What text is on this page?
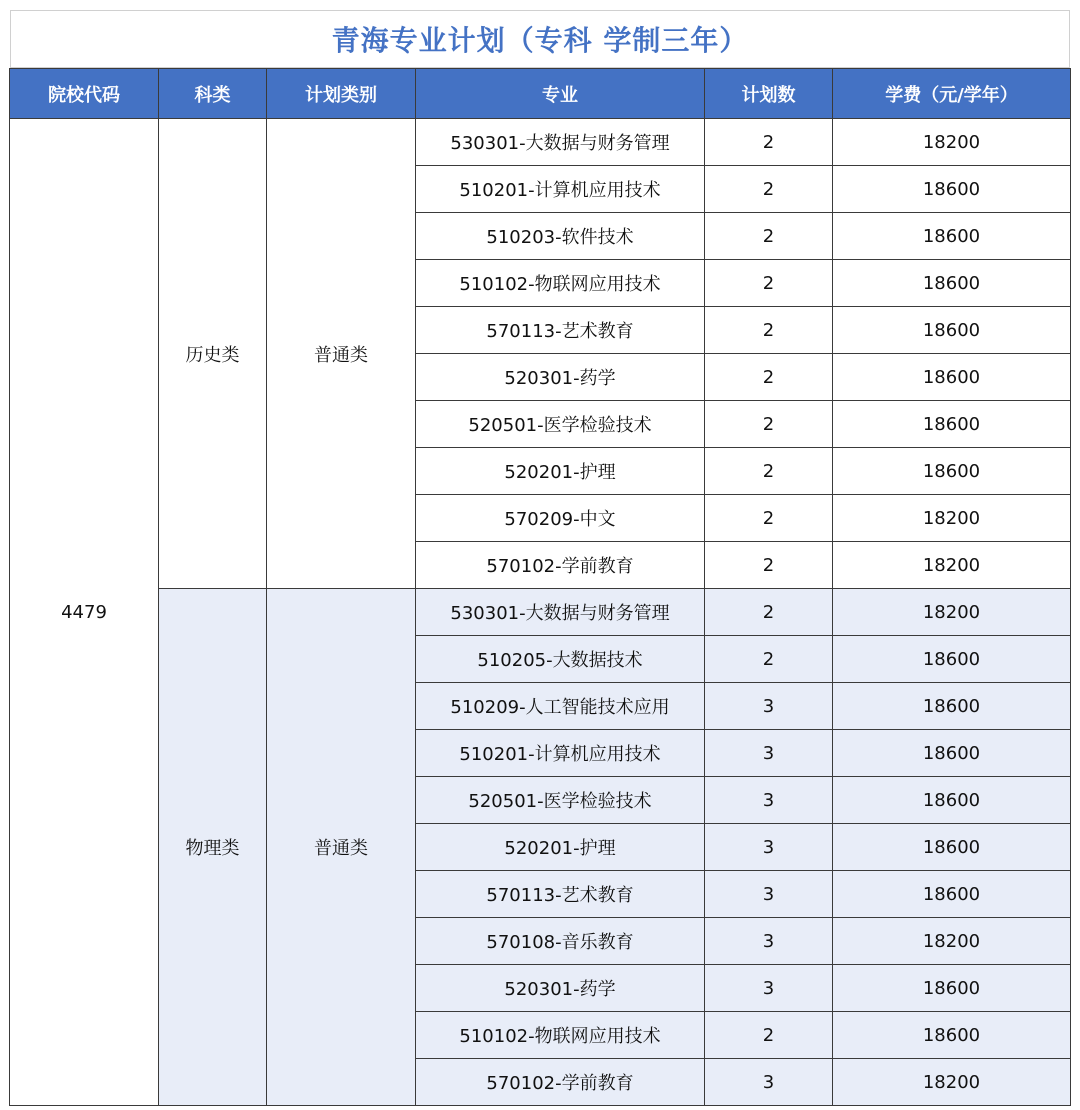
青海专业计划（专科 学制三年）
院校代码	科类	计划类别	专业	计划数	学费（元/学年）
4479	历史类	普通类	530301-大数据与财务管理	2	18200
			510201-计算机应用技术	2	18600
			510203-软件技术	2	18600
			510102-物联网应用技术	2	18600
			570113-艺术教育	2	18600
			520301-药学	2	18600
			520501-医学检验技术	2	18600
			520201-护理	2	18600
			570209-中文	2	18200
			570102-学前教育	2	18200
	物理类	普通类	530301-大数据与财务管理	2	18200
			510205-大数据技术	2	18600
			510209-人工智能技术应用	3	18600
			510201-计算机应用技术	3	18600
			520501-医学检验技术	3	18600
			520201-护理	3	18600
			570113-艺术教育	3	18600
			570108-音乐教育	3	18200
			520301-药学	3	18600
			510102-物联网应用技术	2	18600
			570102-学前教育	3	18200
